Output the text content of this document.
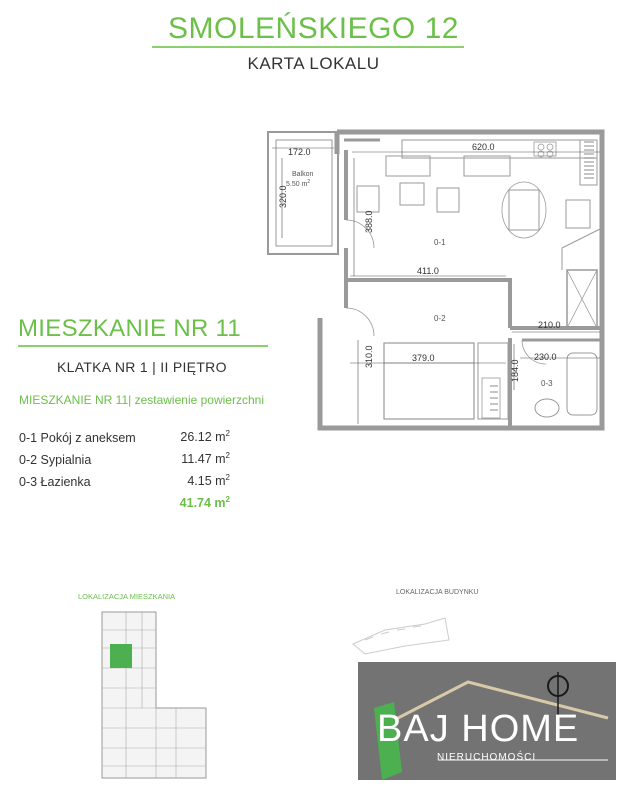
SMOLEŃSKIEGO 12
KARTA LOKALU
620.0
172.0
320.0
388.0
411.0
210.0
379.0
310.0	230.0
184.0
Balkon
5.50 $m^2$
0-1
0-2
0-3
MIESZKANIE NR 11
KLATKA NR 1 | II PIĘTRO
MIESZKANIE NR 11| zestawienie powierzchni
0-1 Pokój z aneksem	26.12 $m^2$
0-2 Sypialnia	11.47 $m^2$
0-3 Łazienka	4.15 $m^2$
41.74 $m^2$
LOKALIZACJA MIESZKANIA	LOKALIZACJA BUDYNKU
BAJ HOME
NIERUCHOMOŚCI
